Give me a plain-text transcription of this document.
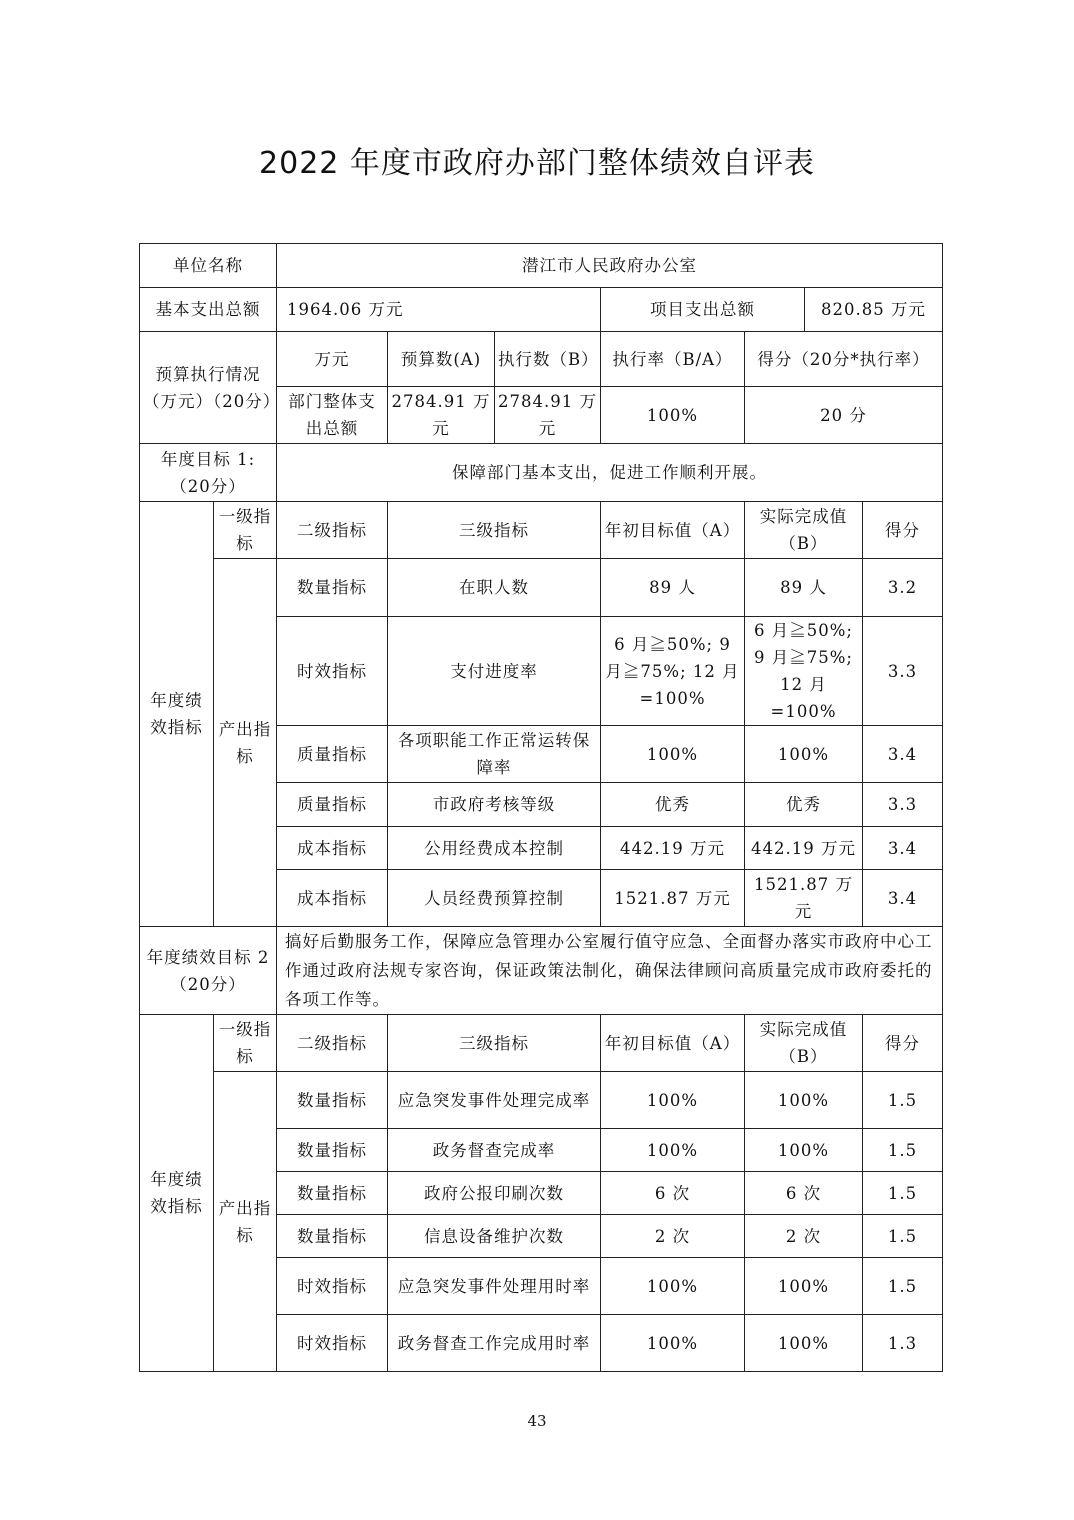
2022 年度市政府办部门整体绩效自评表
单位名称		潜江市人民政府办公室						
基本支出总额		1964.06 万元			项目支出总额		820.85 万元	
预算执行情况（万元）（20分）		万元	预算数(A)	执行数（B）	执行率（B/A）	得分（20分*执行率）		
		部门整体支出总额	2784.91 万元	2784.91 万元	100%	20 分		
年度目标 1:（20分）		保障部门基本支出，促进工作顺利开展。						
年度绩效指标	一级指标	二级指标	三级指标		年初目标值（A）	实际完成值（B）		得分
	产出指标	数量指标	在职人数		89 人	89 人		3.2
		时效指标	支付进度率		6 月≧50%; 9 月≧75%; 12 月=100%	6 月≧50%; 9 月≧75%; 12 月=100%		3.3
		质量指标	各项职能工作正常运转保障率		100%	100%		3.4
		质量指标	市政府考核等级		优秀	优秀		3.3
		成本指标	公用经费成本控制		442.19 万元	442.19 万元		3.4
		成本指标	人员经费预算控制		1521.87 万元	1521.87 万元		3.4
年度绩效目标 2（20分）		搞好后勤服务工作，保障应急管理办公室履行值守应急、全面督办落实市政府中心工作通过政府法规专家咨询，保证政策法制化，确保法律顾问高质量完成市政府委托的各项工作等。						
年度绩效指标	一级指标	二级指标	三级指标		年初目标值（A）	实际完成值（B）		得分
	产出指标	数量指标	应急突发事件处理完成率		100%	100%		1.5
		数量指标	政务督查完成率		100%	100%		1.5
		数量指标	政府公报印刷次数		6 次	6 次		1.5
		数量指标	信息设备维护次数		2 次	2 次		1.5
		时效指标	应急突发事件处理用时率		100%	100%		1.5
		时效指标	政务督查工作完成用时率		100%	100%		1.3
43
